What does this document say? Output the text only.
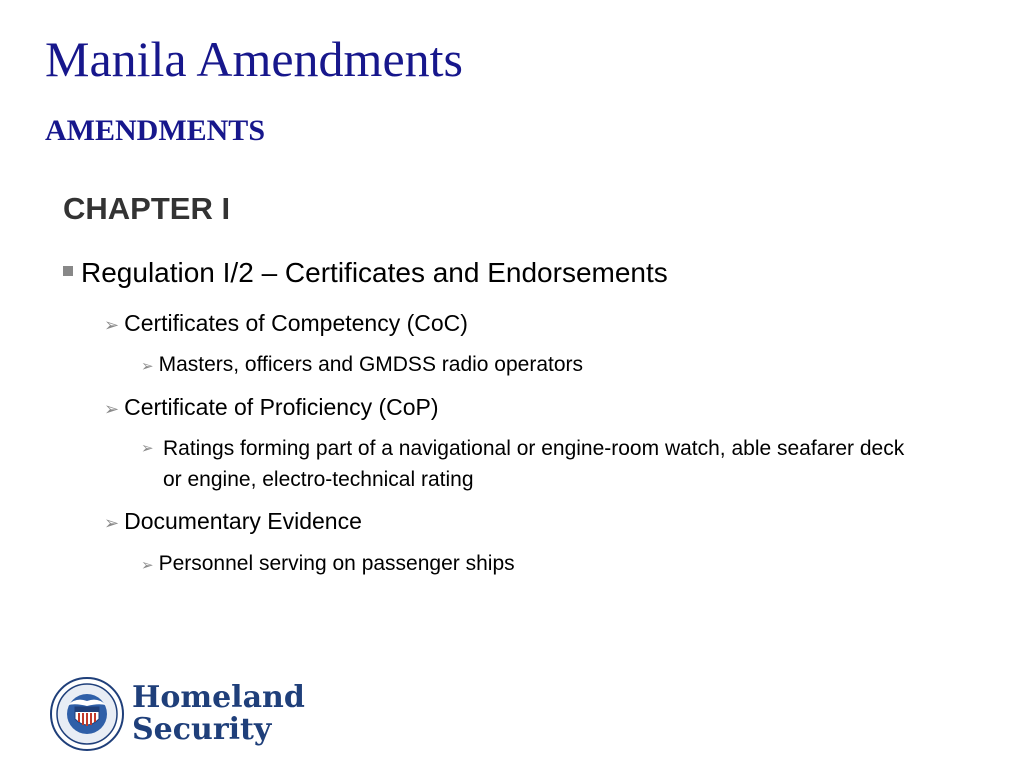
Manila Amendments
AMENDMENTS
CHAPTER I
Regulation I/2 – Certificates and Endorsements
➢ Certificates of Competency (CoC)
➢ Masters, officers and GMDSS radio operators
➢ Certificate of Proficiency (CoP)
➢ Ratings forming part of a navigational or engine-room watch, able seafarer deck or engine, electro-technical rating
➢ Documentary Evidence
➢ Personnel serving on passenger ships
Homeland
Security
